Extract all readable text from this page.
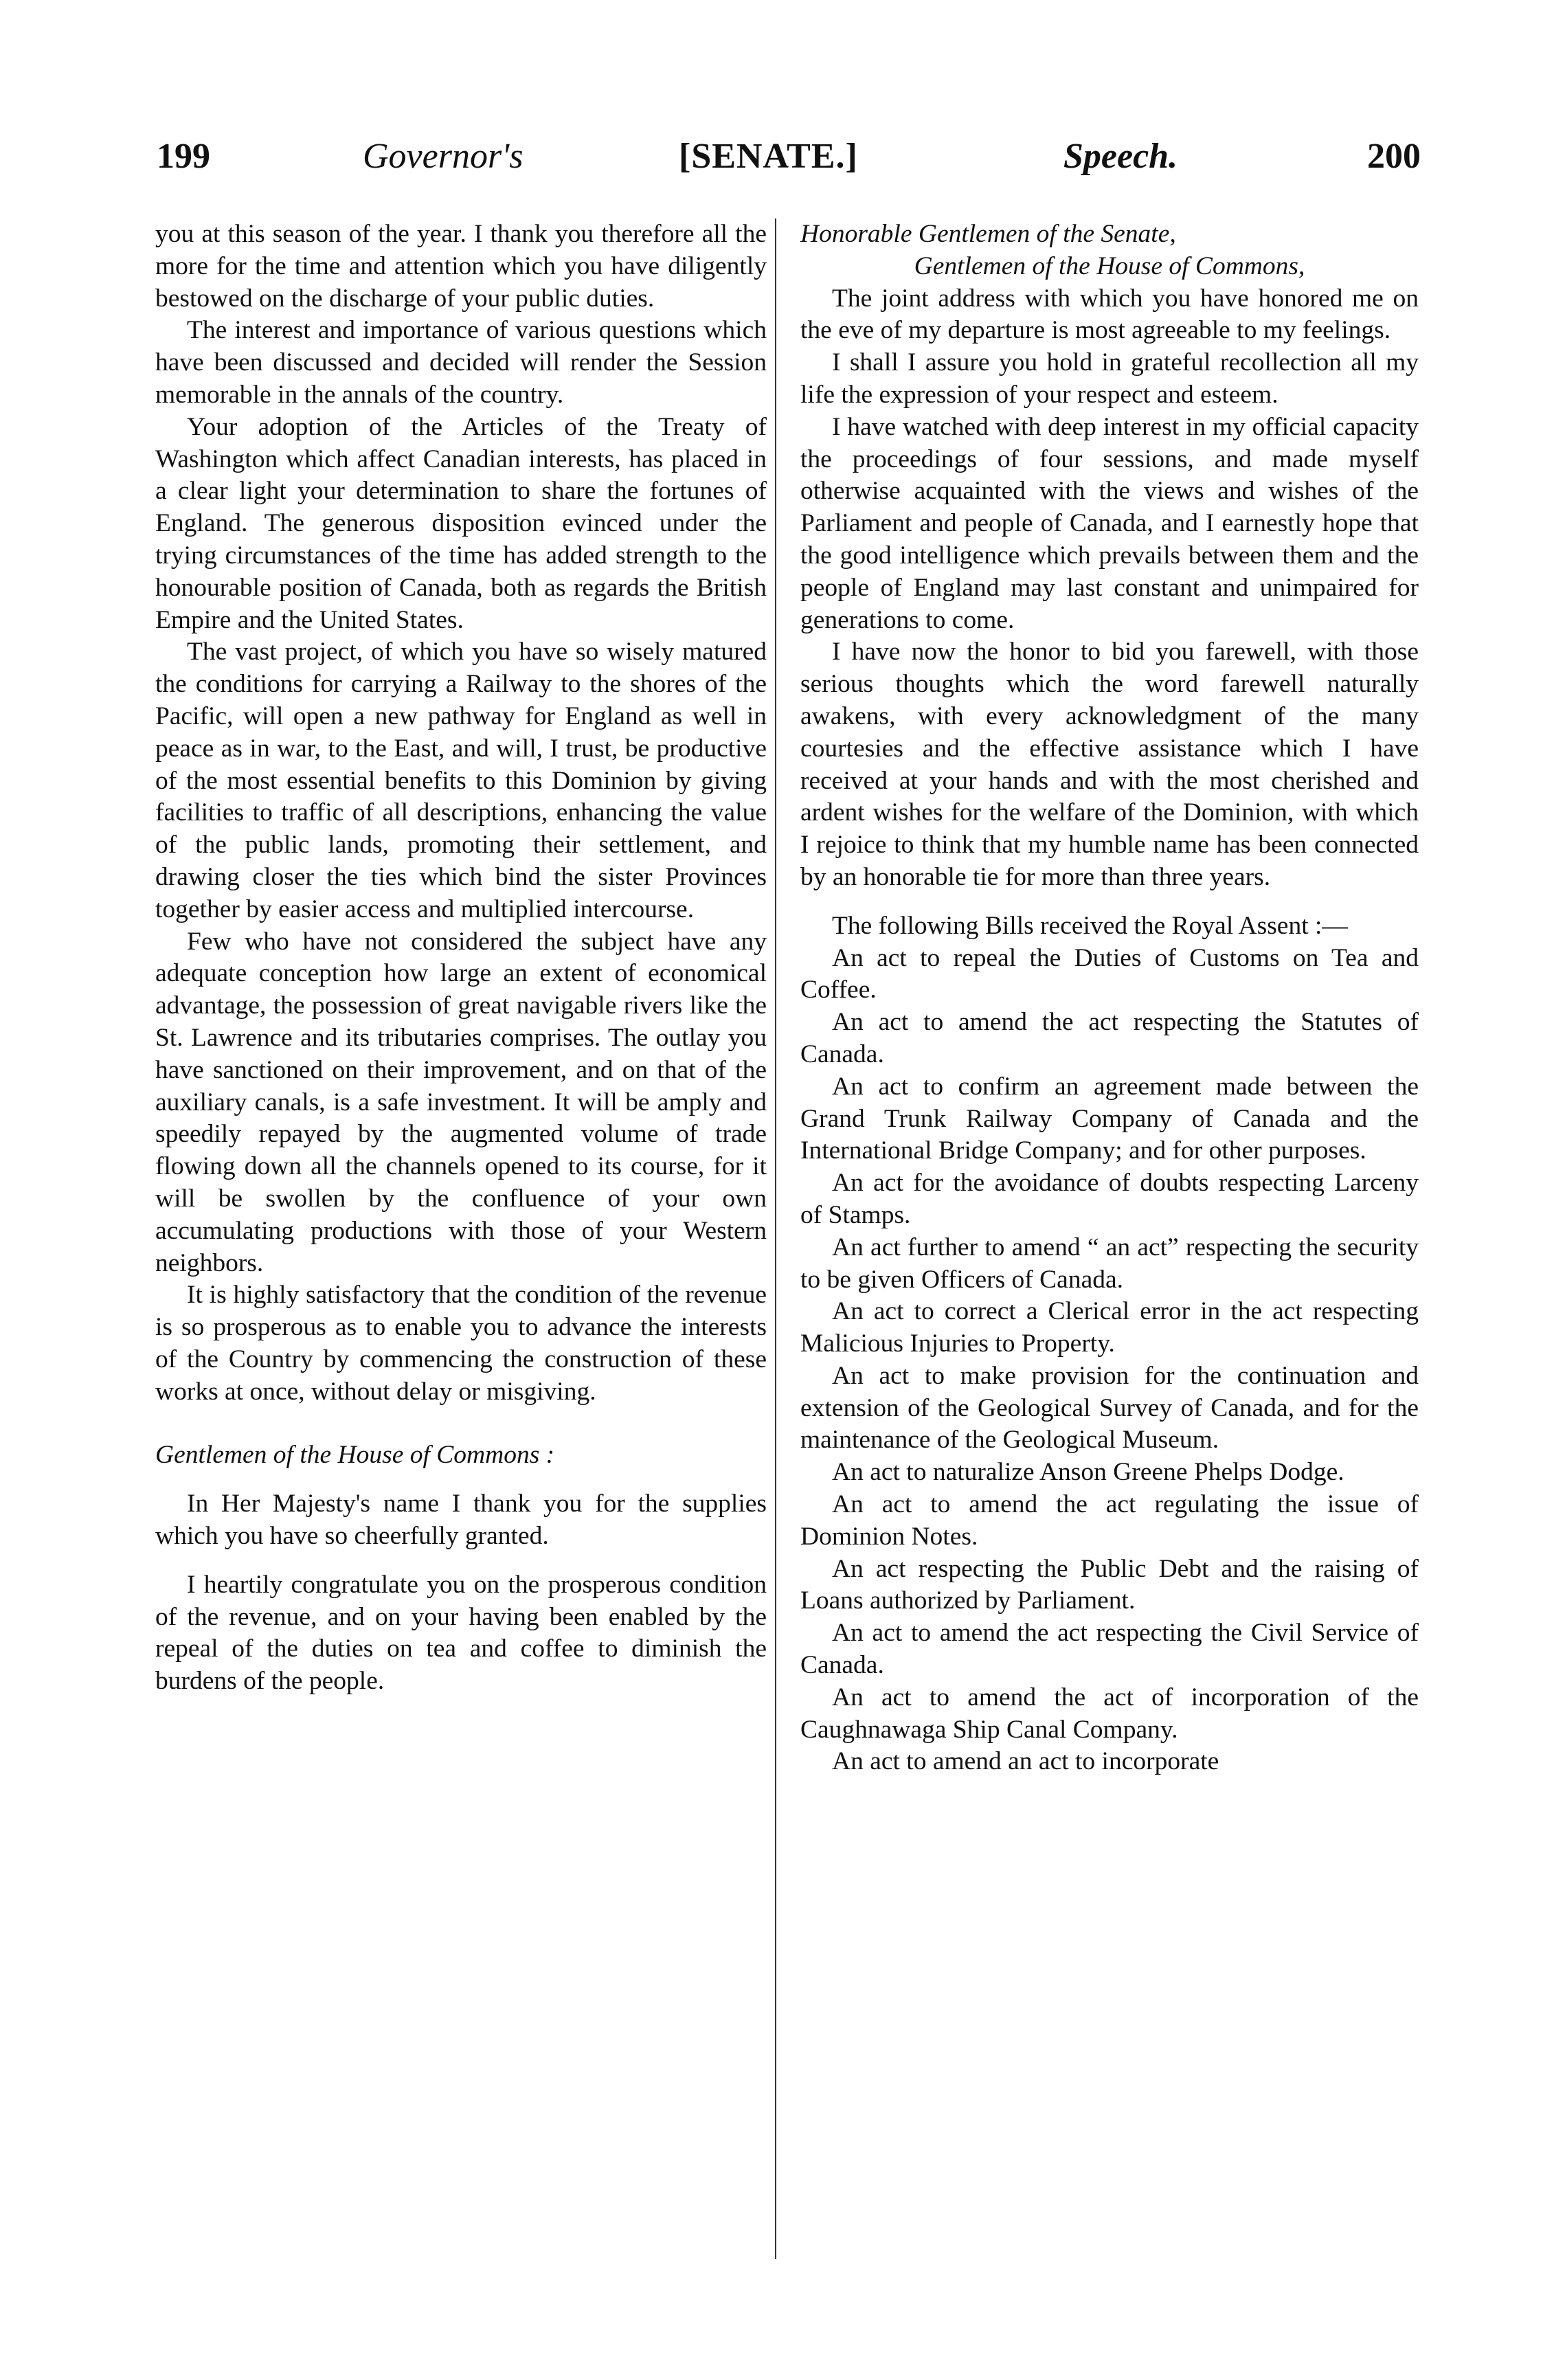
199	Governor's	[SENATE.]	Speech.	200

you at this season of the year. I thank you therefore all the more for the time and attention which you have diligently bestowed on the discharge of your public duties.

The interest and importance of various questions which have been discussed and decided will render the Session memorable in the annals of the country.

Your adoption of the Articles of the Treaty of Washington which affect Canadian interests, has placed in a clear light your determination to share the fortunes of England. The generous disposition evinced under the trying circumstances of the time has added strength to the honourable position of Canada, both as regards the British Empire and the United States.

The vast project, of which you have so wisely matured the conditions for carrying a Railway to the shores of the Pacific, will open a new pathway for England as well in peace as in war, to the East, and will, I trust, be productive of the most essential benefits to this Dominion by giving facilities to traffic of all descriptions, enhancing the value of the public lands, promoting their settlement, and drawing closer the ties which bind the sister Provinces together by easier access and multiplied intercourse.

Few who have not considered the subject have any adequate conception how large an extent of economical advantage, the possession of great navigable rivers like the St. Lawrence and its tributaries comprises. The outlay you have sanctioned on their improvement, and on that of the auxiliary canals, is a safe investment. It will be amply and speedily repayed by the augmented volume of trade flowing down all the channels opened to its course, for it will be swollen by the confluence of your own accumulating productions with those of your Western neighbors.

It is highly satisfactory that the condition of the revenue is so prosperous as to enable you to advance the interests of the Country by commencing the construction of these works at once, without delay or misgiving.

Gentlemen of the House of Commons :

In Her Majesty's name I thank you for the supplies which you have so cheerfully granted.

I heartily congratulate you on the prosperous condition of the revenue, and on your having been enabled by the repeal of the duties on tea and coffee to diminish the burdens of the people.

Honorable Gentlemen of the Senate,

Gentlemen of the House of Commons,

The joint address with which you have honored me on the eve of my departure is most agreeable to my feelings.

I shall I assure you hold in grateful recollection all my life the expression of your respect and esteem.

I have watched with deep interest in my official capacity the proceedings of four sessions, and made myself otherwise acquainted with the views and wishes of the Parliament and people of Canada, and I earnestly hope that the good intelligence which prevails between them and the people of England may last constant and unimpaired for generations to come.

I have now the honor to bid you farewell, with those serious thoughts which the word farewell naturally awakens, with every acknowledgment of the many courtesies and the effective assistance which I have received at your hands and with the most cherished and ardent wishes for the welfare of the Dominion, with which I rejoice to think that my humble name has been connected by an honorable tie for more than three years.

The following Bills received the Royal Assent :—

An act to repeal the Duties of Customs on Tea and Coffee.

An act to amend the act respecting the Statutes of Canada.

An act to confirm an agreement made between the Grand Trunk Railway Company of Canada and the International Bridge Company; and for other purposes.

An act for the avoidance of doubts respecting Larceny of Stamps.

An act further to amend “ an act” respecting the security to be given Officers of Canada.

An act to correct a Clerical error in the act respecting Malicious Injuries to Property.

An act to make provision for the continuation and extension of the Geological Survey of Canada, and for the maintenance of the Geological Museum.

An act to naturalize Anson Greene Phelps Dodge.

An act to amend the act regulating the issue of Dominion Notes.

An act respecting the Public Debt and the raising of Loans authorized by Parliament.

An act to amend the act respecting the Civil Service of Canada.

An act to amend the act of incorporation of the Caughnawaga Ship Canal Company.

An act to amend an act to incorporate
